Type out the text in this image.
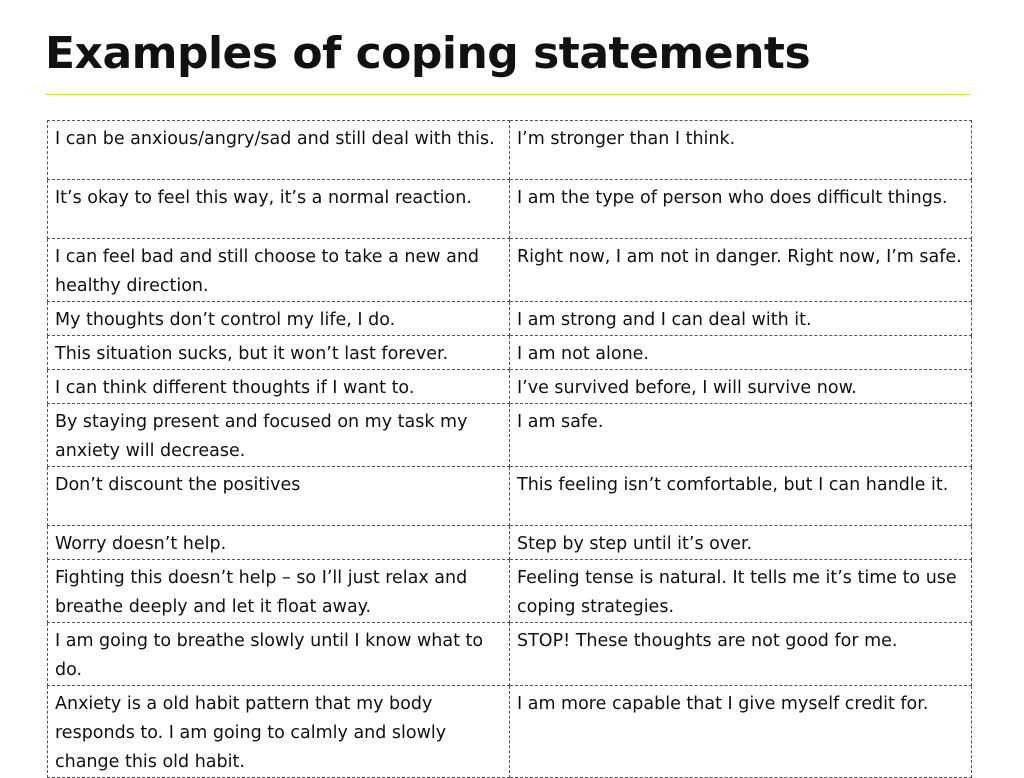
Examples of coping statements
I can be anxious/angry/sad and still deal with this.	I’m stronger than I think.
It’s okay to feel this way, it’s a normal reaction.	I am the type of person who does difficult things.
I can feel bad and still choose to take a new and healthy direction.	Right now, I am not in danger. Right now, I’m safe.
My thoughts don’t control my life, I do.	I am strong and I can deal with it.
This situation sucks, but it won’t last forever.	I am not alone.
I can think different thoughts if I want to.	I’ve survived before, I will survive now.
By staying present and focused on my task my anxiety will decrease.	I am safe.
Don’t discount the positives	This feeling isn’t comfortable, but I can handle it.
Worry doesn’t help.	Step by step until it’s over.
Fighting this doesn’t help – so I’ll just relax and breathe deeply and let it float away.	Feeling tense is natural. It tells me it’s time to use coping strategies.
I am going to breathe slowly until I know what to do.	STOP! These thoughts are not good for me.
Anxiety is a old habit pattern that my body responds to. I am going to calmly and slowly change this old habit.	I am more capable that I give myself credit for.
